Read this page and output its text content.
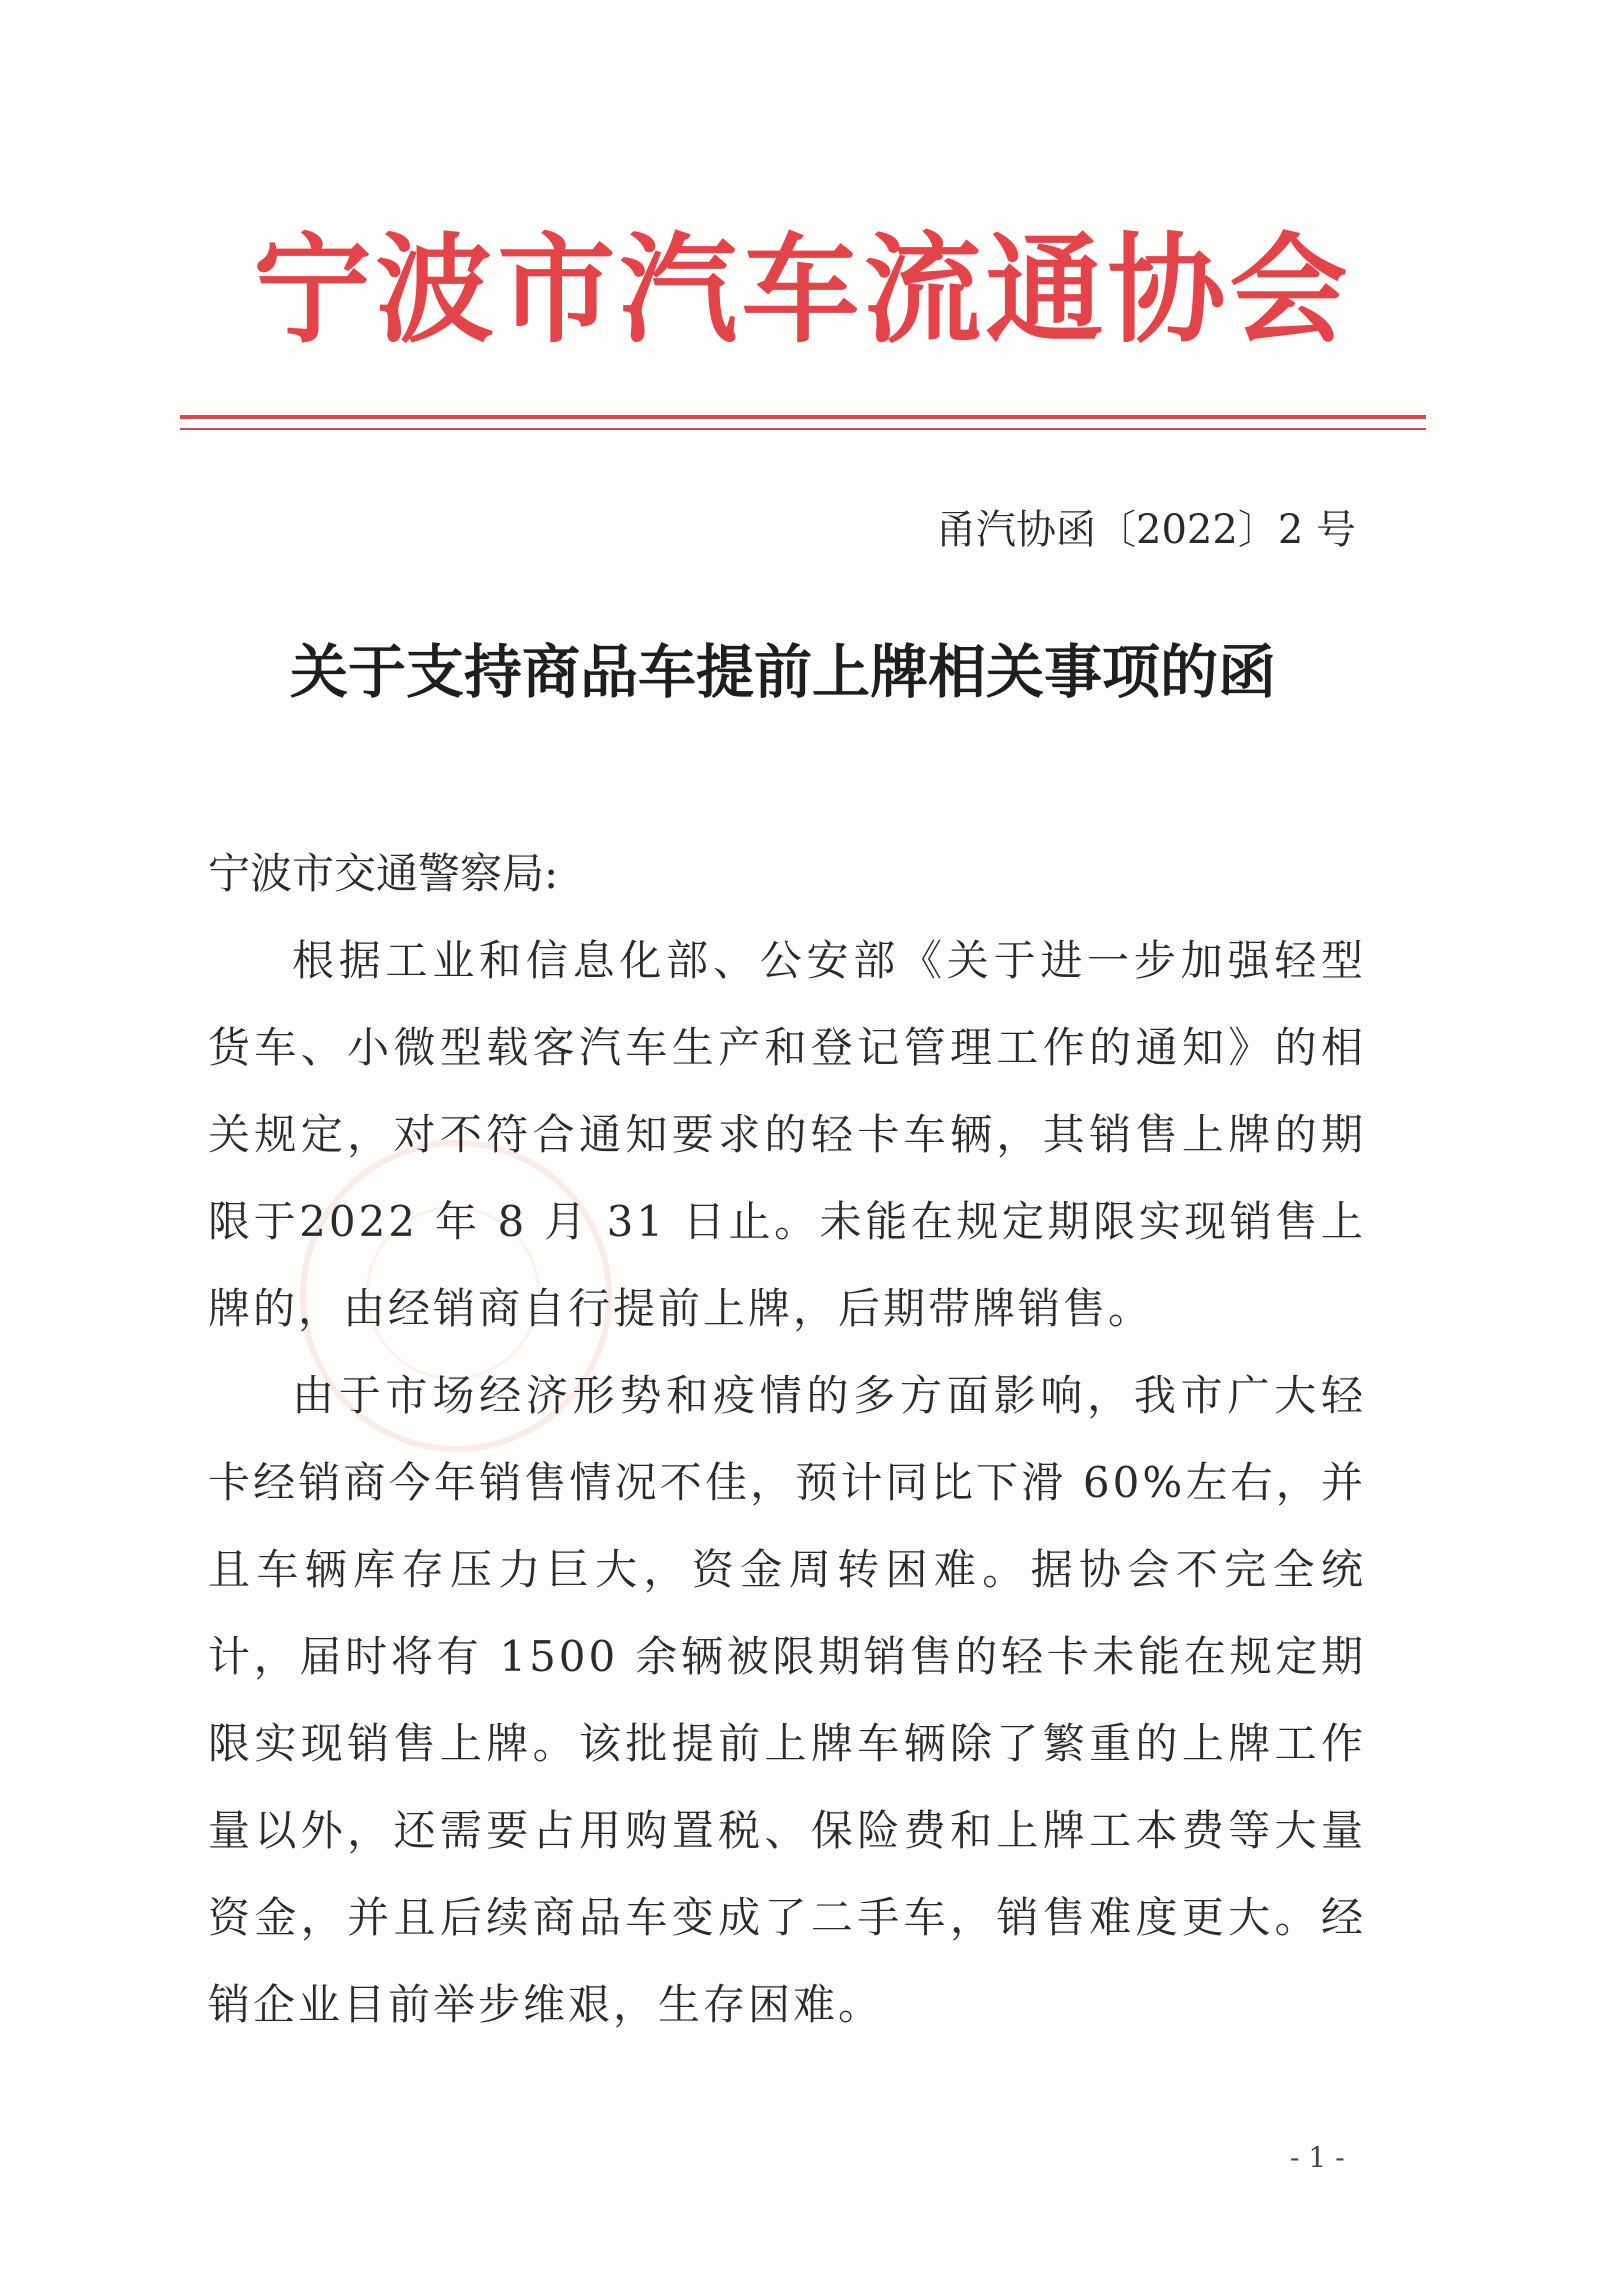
宁波市汽车流通协会
甬汽协函〔2022〕2 号
关于支持商品车提前上牌相关事项的函

宁波市交通警察局:

根据工业和信息化部、公安部《关于进一步加强轻型货车、小微型载客汽车生产和登记管理工作的通知》的相关规定，对不符合通知要求的轻卡车辆，其销售上牌的期限于2022 年 8 月 31 日止。未能在规定期限实现销售上牌的，由经销商自行提前上牌，后期带牌销售。

由于市场经济形势和疫情的多方面影响，我市广大轻卡经销商今年销售情况不佳，预计同比下滑 60%左右，并且车辆库存压力巨大，资金周转困难。据协会不完全统计，届时将有 1500 余辆被限期销售的轻卡未能在规定期限实现销售上牌。该批提前上牌车辆除了繁重的上牌工作量以外，还需要占用购置税、保险费和上牌工本费等大量资金，并且后续商品车变成了二手车，销售难度更大。经销企业目前举步维艰，生存困难。

- 1 -
